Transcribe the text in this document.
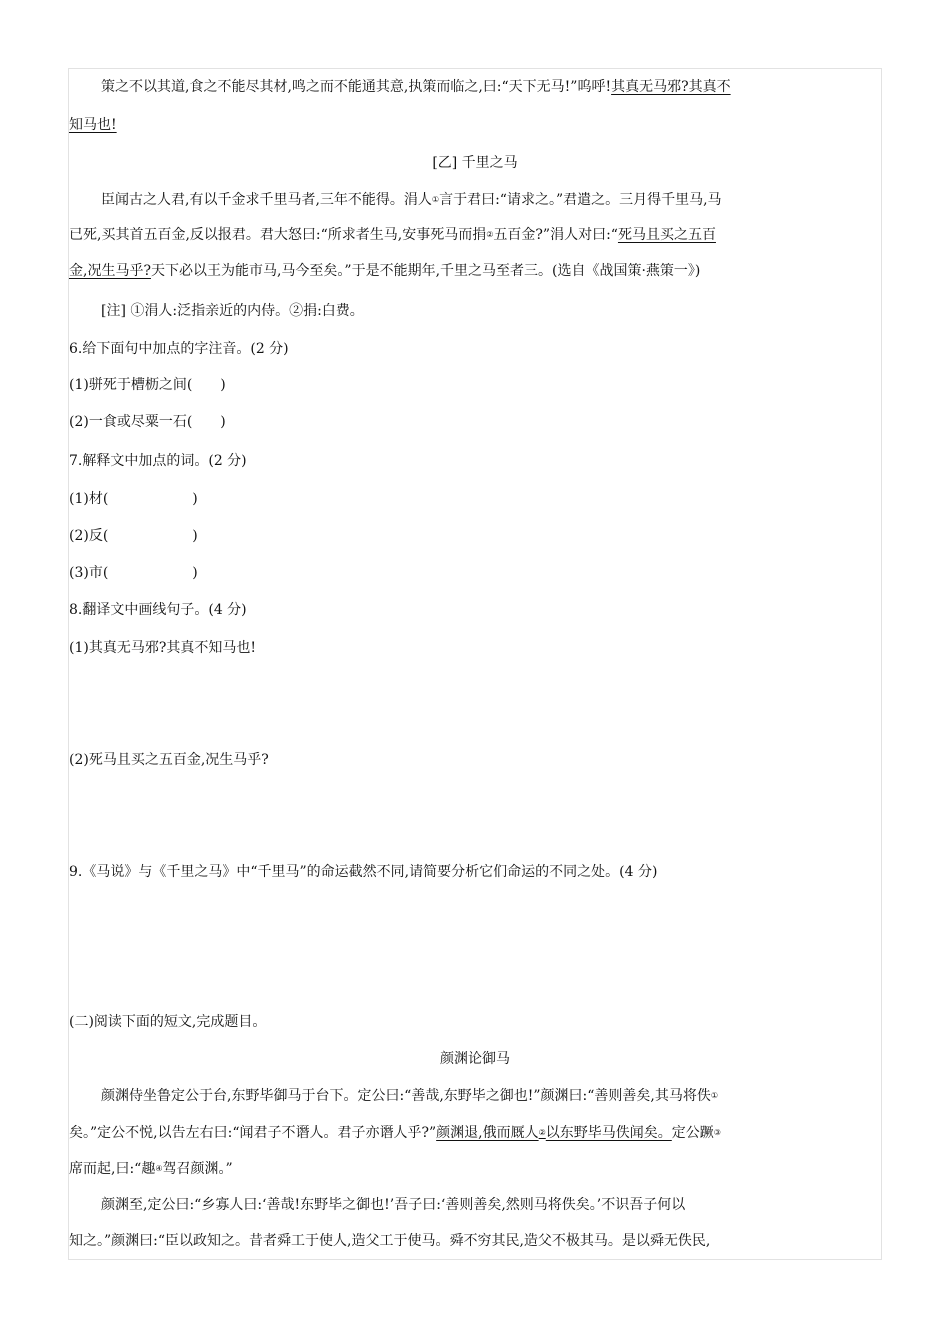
策之不以其道,食之不能尽其材,鸣之而不能通其意,执策而临之,曰:“天下无马!”呜呼!其真无马邪?其真不
知马也!
[乙] 千里之马
臣闻古之人君,有以千金求千里马者,三年不能得。涓人①言于君曰:“请求之。”君遣之。三月得千里马,马
已死,买其首五百金,反以报君。君大怒曰:“所求者生马,安事死马而捐②五百金?”涓人对曰:“死马且买之五百
金,况生马乎?天下必以王为能市马,马今至矣。”于是不能期年,千里之马至者三。(选自《战国策·燕策一》)
[注] ①涓人:泛指亲近的内侍。②捐:白费。
6.给下面句中加点的字注音。(2 分)
(1)骈死于槽枥之间(　　)
(2)一食或尽粟一石(　　)
7.解释文中加点的词。(2 分)
(1)材(　　　　　　)
(2)反(　　　　　　)
(3)市(　　　　　　)
8.翻译文中画线句子。(4 分)
(1)其真无马邪?其真不知马也!
(2)死马且买之五百金,况生马乎?
9.《马说》与《千里之马》中“千里马”的命运截然不同,请简要分析它们命运的不同之处。(4 分)
(二)阅读下面的短文,完成题目。
颜渊论御马
颜渊侍坐鲁定公于台,东野毕御马于台下。定公曰:“善哉,东野毕之御也!”颜渊曰:“善则善矣,其马将佚①
矣。”定公不悦,以告左右曰:“闻君子不谮人。君子亦谮人乎?”颜渊退,俄而厩人②以东野毕马佚闻矣。定公蹶③
席而起,曰:“趣④驾召颜渊。”
颜渊至,定公曰:“乡寡人曰:‘善哉!东野毕之御也!’吾子曰:‘善则善矣,然则马将佚矣。’不识吾子何以
知之。”颜渊曰:“臣以政知之。昔者舜工于使人,造父工于使马。舜不穷其民,造父不极其马。是以舜无佚民,
